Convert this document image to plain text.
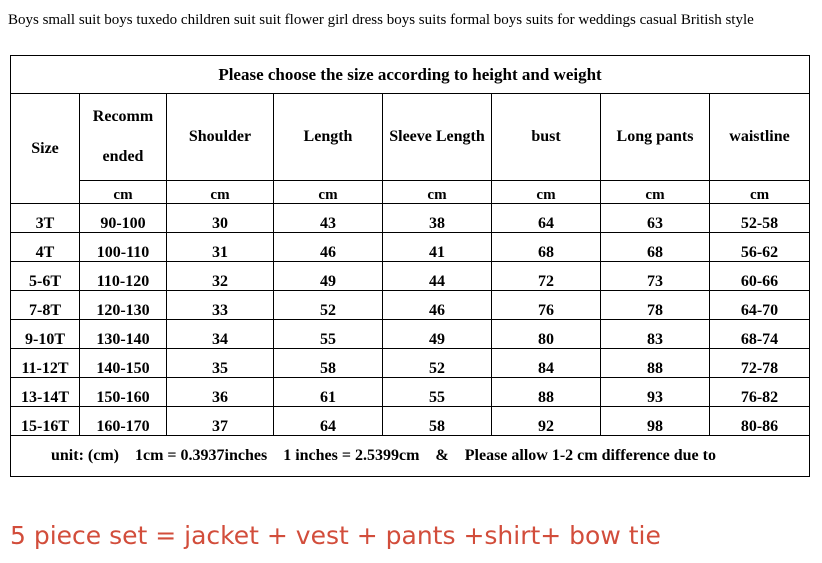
Boys small suit boys tuxedo children suit suit flower girl dress boys suits formal boys suits for weddings casual British style
Please choose the size according to height and weight							
Size	Recomm ended	Shoulder	Length	Sleeve Length	bust	Long pants	waistline
	cm	cm	cm	cm	cm	cm	cm
3T	90-100	30	43	38	64	63	52-58
4T	100-110	31	46	41	68	68	56-62
5-6T	110-120	32	49	44	72	73	60-66
7-8T	120-130	33	52	46	76	78	64-70
9-10T	130-140	34	55	49	80	83	68-74
11-12T	140-150	35	58	52	84	88	72-78
13-14T	150-160	36	61	55	88	93	76-82
15-16T	160-170	37	64	58	92	98	80-86
unit: (cm) 1cm = 0.3937inches 1 inches = 2.5399cm & Please allow 1-2 cm difference due to							
5 piece set = jacket + vest + pants +shirt+ bow tie
